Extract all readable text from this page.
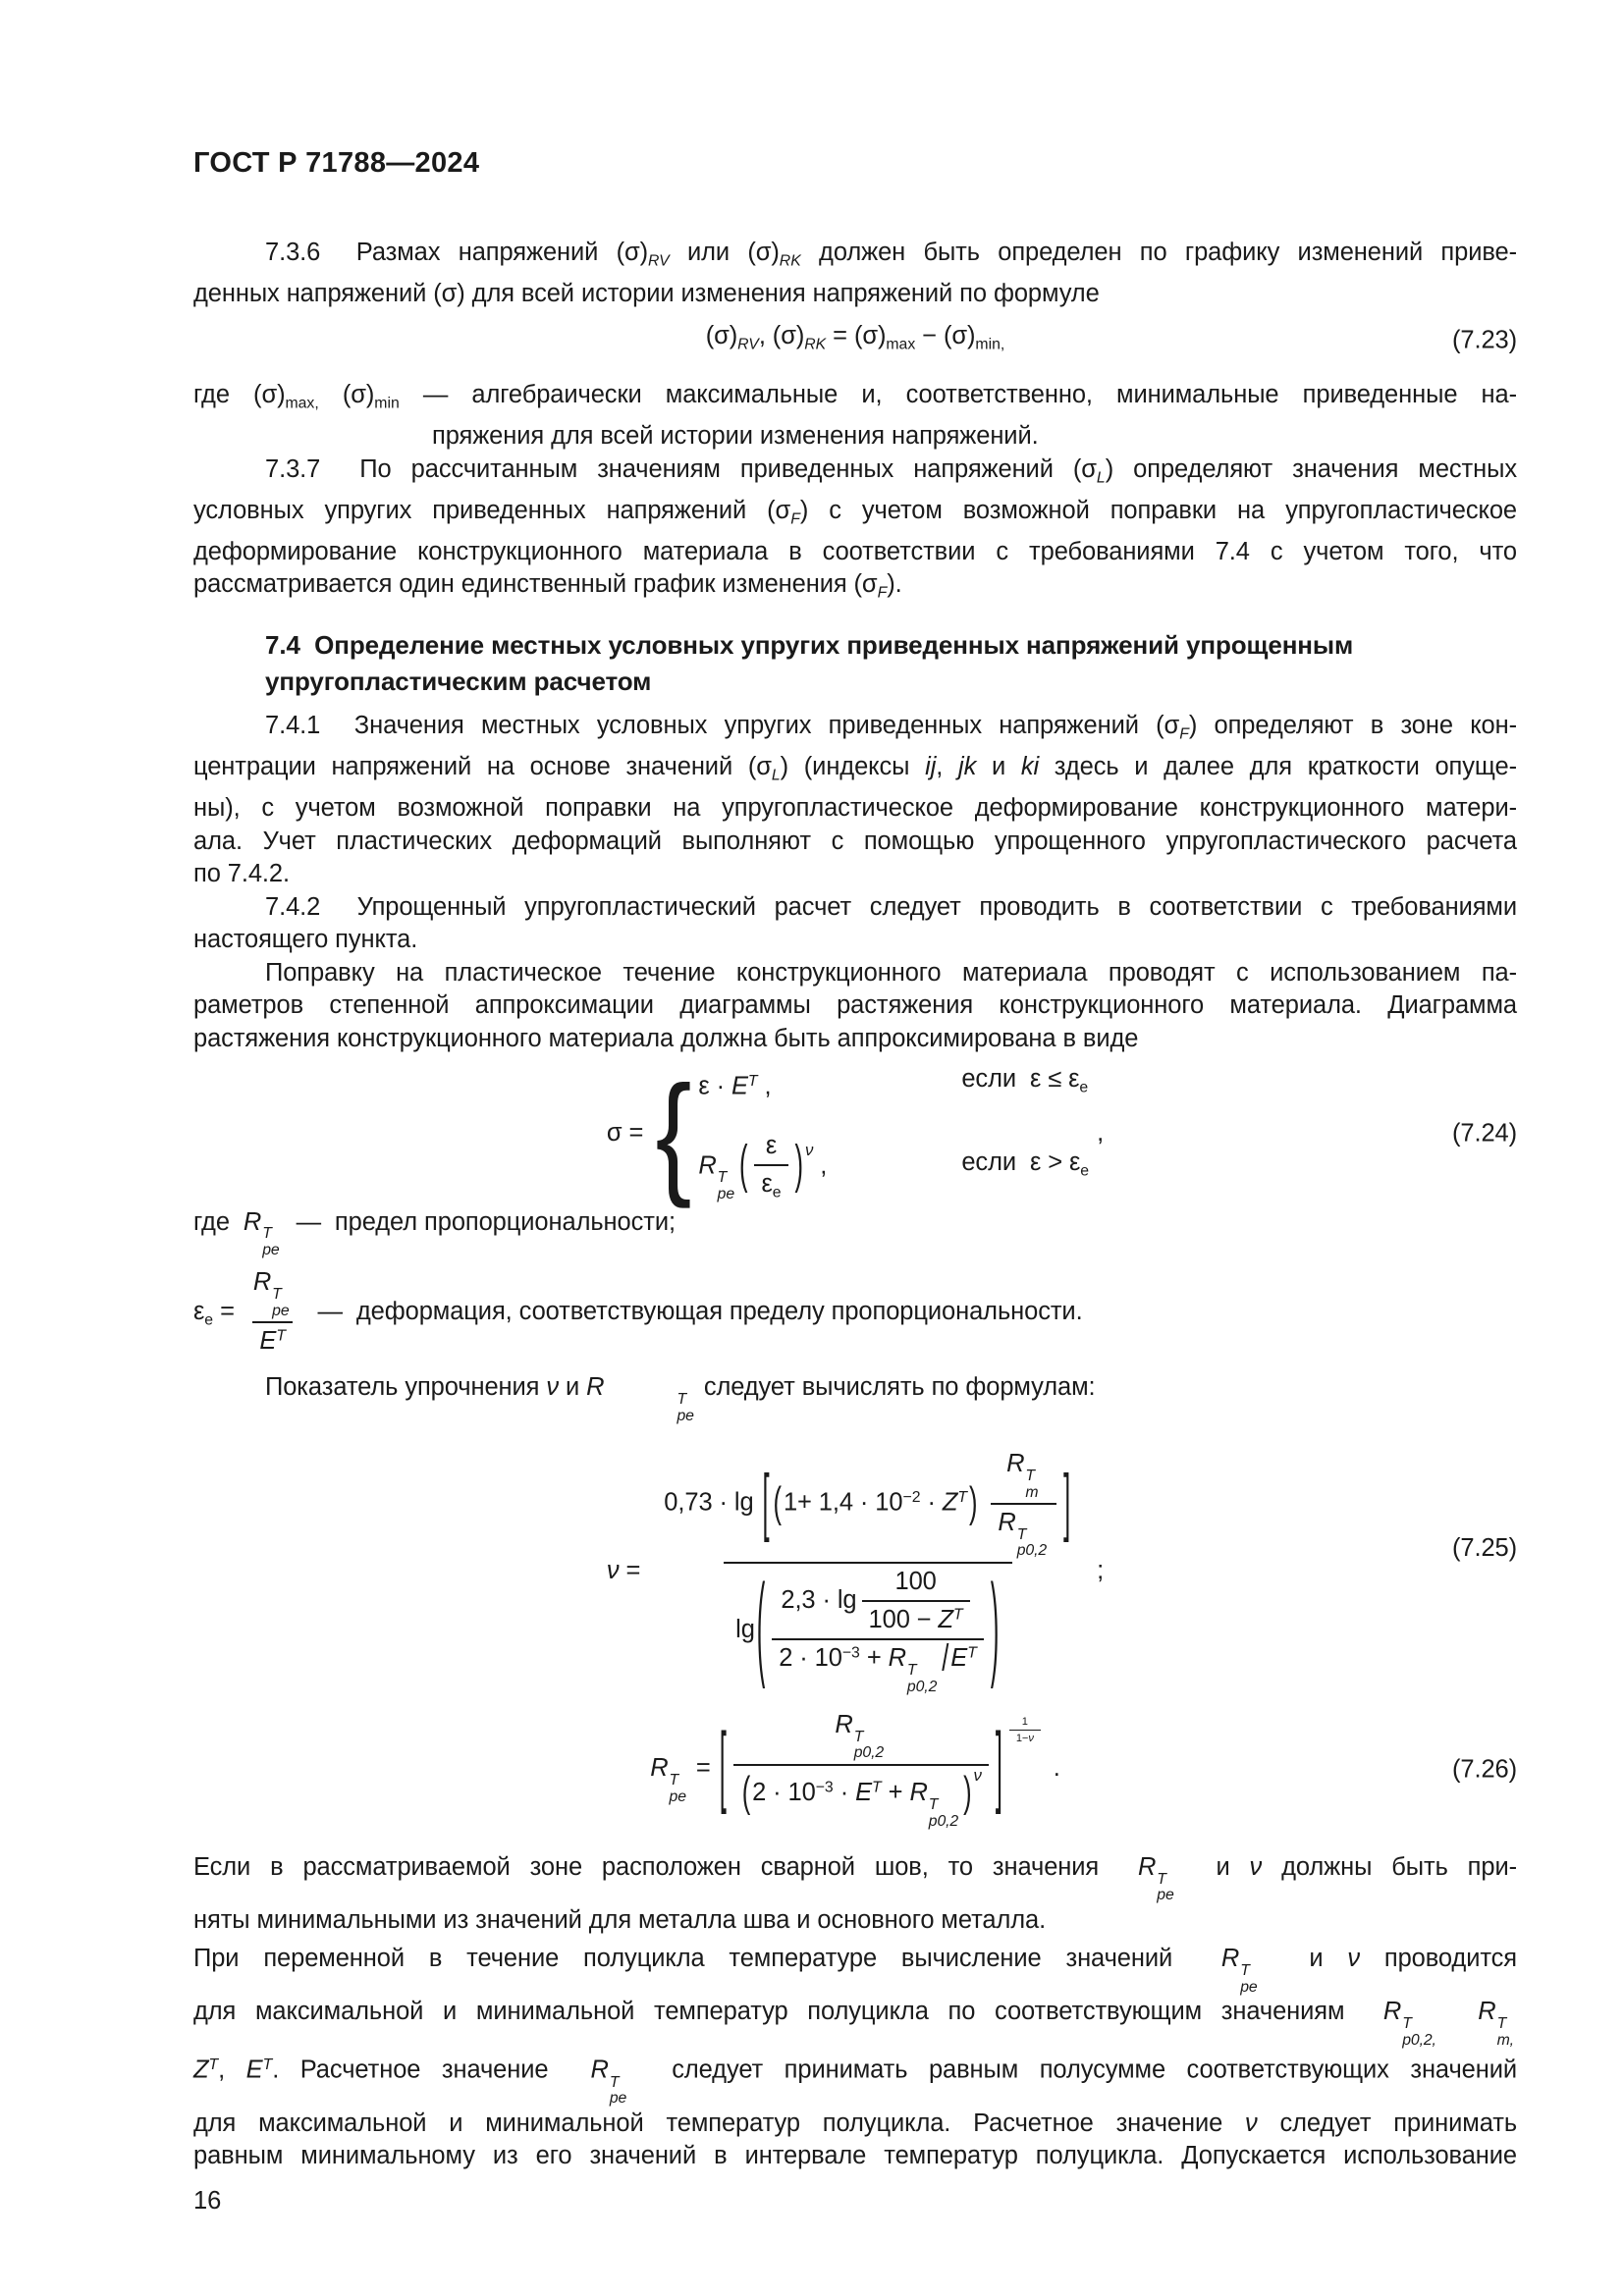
ГОСТ Р 71788—2024
7.3.6  Размах напряжений $(\sigma)_{RV}$ или $(\sigma)_{RK}$ должен быть определен по графику изменений приве-
денных напряжений (σ) для всей истории изменения напряжений по формуле
$(\sigma)_{RV}$, $(\sigma)_{RK} = (\sigma)_{max} - (\sigma)_{min,}$	(7.23)
где $(\sigma)_{max,}$ $(\sigma)_{min}$ — алгебраически максимальные и, соответственно, минимальные приведенные на-
пряжения для всей истории изменения напряжений.
7.3.7  По рассчитанным значениям приведенных напряжений $(\sigma_L)$ определяют значения местных
условных упругих приведенных напряжений $(\sigma_F)$ с учетом возможной поправки на упругопластическое
деформирование конструкционного материала в соответствии с требованиями 7.4 с учетом того, что
рассматривается один единственный график изменения $(\sigma_F)$.
7.4  Определение местных условных упругих приведенных напряжений упрощенным
упругопластическим расчетом
7.4.1  Значения местных условных упругих приведенных напряжений $(\sigma_F)$ определяют в зоне кон-
центрации напряжений на основе значений $(\sigma_L)$ (индексы ij, jk и ki здесь и далее для краткости опуще-
ны), с учетом возможной поправки на упругопластическое деформирование конструкционного матери-
ала. Учет пластических деформаций выполняют с помощью упрощенного упругопластического расчета
по 7.4.2.
7.4.2  Упрощенный упругопластический расчет следует проводить в соответствии с требованиями
настоящего пункта.
Поправку на пластическое течение конструкционного материала проводят с использованием па-
раметров степенной аппроксимации диаграммы растяжения конструкционного материала. Диаграмма
растяжения конструкционного материала должна быть аппроксимирована в виде
σ = { $\varepsilon \cdot E^T$ ,	если  $\varepsilon \le \varepsilon_e$
R T
pe ( $\frac{\varepsilon}{\varepsilon_e}$ ) ν ,	если  $\varepsilon > \varepsilon_e$
,	(7.24)
где  R T
pe
—  предел пропорциональности;
$\varepsilon_e = R$ T
pe
$E^T$ —  деформация, соответствующая пределу пропорциональности.
Показатель упрочнения ν и R	T
pe
следует вычислять по формулам:
ν = 0,73 · lg [ $(1+ 1,4 \cdot 10^{-2} \cdot Z^T)$ R T
m
R T
p0,2 ]
lg( $2,3 \cdot \lg \frac{100}{100 - Z^T}$
$2 \cdot 10^{-3} + R$ T
p0,2
$/E^T$ ) ;
(7.25)
R T
pe
= [ R T
p0,2
($2 \cdot 10^{-3} \cdot E^T + R$ T
p0,2
) ν ] $\frac{1}{1-\nu}$
.	(7.26)
Если в рассматриваемой зоне расположен сварной шов, то значения  R T
pe
и ν должны быть при-
няты минимальными из значений для металла шва и основного металла.
При переменной в течение полуцикла температуре вычисление значений  R T
pe
и ν проводится
для максимальной и минимальной температур полуцикла по соответствующим значениям  R T
p0,2,
R T
m,
$Z^T$, $E^T$. Расчетное значение  R T
pe
следует принимать равным полусумме соответствующих значений
для максимальной и минимальной температур полуцикла. Расчетное значение ν следует принимать
равным минимальному из его значений в интервале температур полуцикла. Допускается использование
16
